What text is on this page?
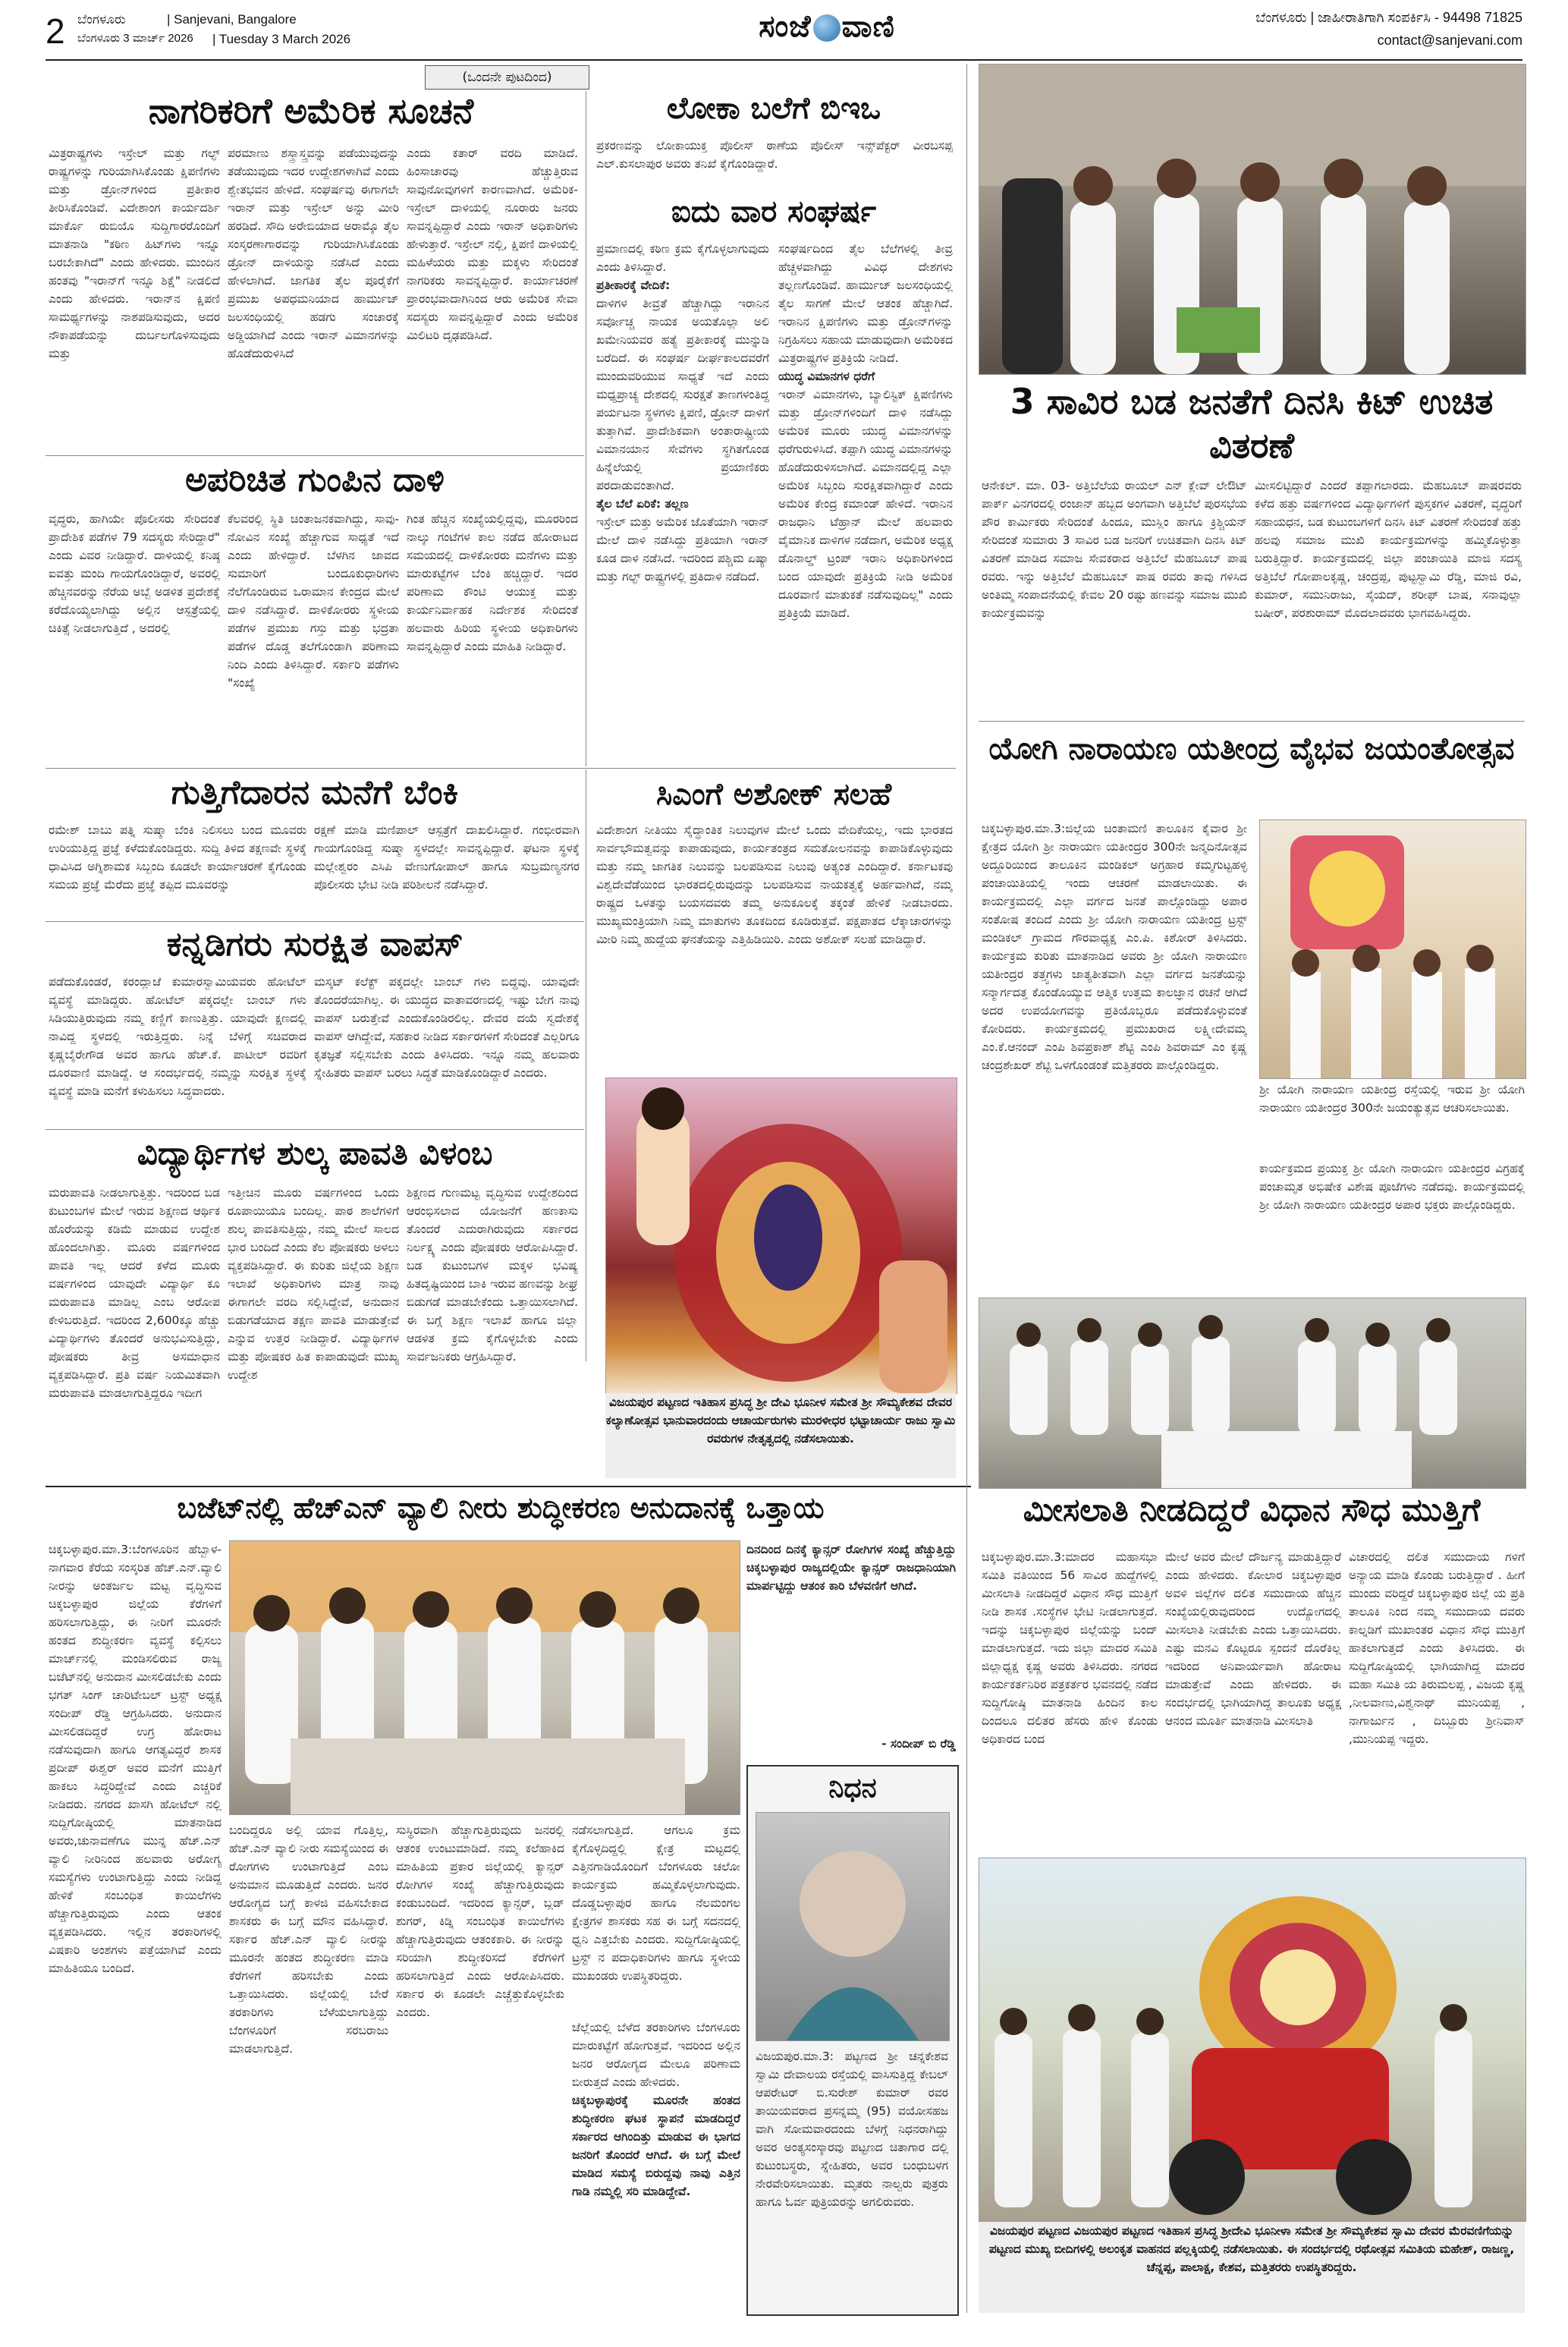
2 ಬೆಂಗಳೂರು	| Sanjevani, Bangalore
ಬೆಂಗಳೂರು 3 ಮಾರ್ಚ್ 2026 | Tuesday 3 March 2026	ಸಂಜೆ ವಾಣಿ	ಬೆಂಗಳೂರು | ಜಾಹೀರಾತಿಗಾಗಿ ಸಂಪರ್ಕಿಸಿ - 94498 71825
contact@sanjevani.com
(ಒಂದನೇ ಪುಟದಿಂದ)
ನಾಗರಿಕರಿಗೆ ಅಮೆರಿಕ ಸೂಚನೆ
ಮಿತ್ರರಾಷ್ಟ್ರಗಳು ಇಸ್ರೇಲ್ ಮತ್ತು ಗಲ್ಫ್ ರಾಷ್ಟ್ರಗಳನ್ನು ಗುರಿಯಾಗಿಸಿಕೊಂಡು ಕ್ಷಿಪಣಿಗಳು ಮತ್ತು ಡ್ರೋನ್‌ಗಳಿಂದ ಪ್ರತೀಕಾರ ತೀರಿಸಿಕೊಂಡಿವೆ. ವಿದೇಶಾಂಗ ಕಾರ್ಯದರ್ಶಿ ಮಾರ್ಕೊ ರುಬಿಯೊ ಸುದ್ದಿಗಾರರೊಂದಿಗೆ ಮಾತನಾಡಿ "ಕಠಿಣ ಹಿಟ್‌ಗಳು ಇನ್ನೂ ಬರಬೇಕಾಗಿದೆ" ಎಂದು ಹೇಳಿದರು. ಮುಂದಿನ ಹಂತವು "ಇರಾನ್‌ಗೆ ಇನ್ನೂ ಶಿಕ್ಷೆ" ನೀಡಲಿದೆ ಎಂದು ಹೇಳಿದರು. ಇರಾನ್‌ನ ಕ್ಷಿಪಣಿ ಸಾಮರ್ಥ್ಯಗಳನ್ನು ನಾಶಪಡಿಸುವುದು, ಅದರ ನೌಕಾಪಡೆಯನ್ನು ದುರ್ಬಲಗೊಳಿಸುವುದು ಮತ್ತು
ಪರಮಾಣು ಶಸ್ತ್ರಾಸ್ತ್ರವನ್ನು ಪಡೆಯುವುದನ್ನು ತಡೆಯುವುದು ಇದರ ಉದ್ದೇಶಗಳಾಗಿವೆ ಎಂದು ಶ್ವೇತಭವನ ಹೇಳಿದೆ. ಸಂಘರ್ಷವು ಈಗಾಗಲೇ ಇರಾನ್ ಮತ್ತು ಇಸ್ರೇಲ್ ಅನ್ನು ಮೀರಿ ಹರಡಿದೆ. ಸೌದಿ ಅರೇಬಿಯಾದ ಅರಾಮ್ಕೊ ತೈಲ ಸಂಸ್ಕರಣಾಗಾರವನ್ನು ಗುರಿಯಾಗಿಸಿಕೊಂಡು ಡ್ರೋನ್ ದಾಳಿಯನ್ನು ನಡೆಸಿದೆ ಎಂದು ಹೇಳಲಾಗಿದೆ. ಜಾಗತಿಕ ತೈಲ ಪೂರೈಕೆಗೆ ಪ್ರಮುಖ ಅಪಧಮನಿಯಾದ ಹಾರ್ಮುಜ್ ಜಲಸಂಧಿಯಲ್ಲಿ ಹಡಗು ಸಂಚಾರಕ್ಕೆ ಅಡ್ಡಿಯಾಗಿದೆ ಎಂದು ಇರಾನ್ ವಿಮಾನಗಳನ್ನು ಹೊಡೆದುರುಳಿಸಿದೆ
ಎಂದು ಕತಾರ್ ವರದಿ ಮಾಡಿದೆ. ಹಿಂಸಾಚಾರವು ಹೆಚ್ಚುತ್ತಿರುವ ಸಾವುನೋವುಗಳಿಗೆ ಕಾರಣವಾಗಿದೆ. ಅಮೆರಿಕ-ಇಸ್ರೇಲ್ ದಾಳಿಯಲ್ಲಿ ನೂರಾರು ಜನರು ಸಾವನ್ನಪ್ಪಿದ್ದಾರೆ ಎಂದು ಇರಾನ್ ಅಧಿಕಾರಿಗಳು ಹೇಳುತ್ತಾರೆ. ಇಸ್ರೇಲ್ ನಲ್ಲಿ, ಕ್ಷಿಪಣಿ ದಾಳಿಯಲ್ಲಿ ಮಹಿಳೆಯರು ಮತ್ತು ಮಕ್ಕಳು ಸೇರಿದಂತೆ ನಾಗರಿಕರು ಸಾವನ್ನಪ್ಪಿದ್ದಾರೆ. ಕಾರ್ಯಾಚರಣೆ ಪ್ರಾರಂಭವಾದಾಗಿನಿಂದ ಆರು ಅಮೆರಿಕ ಸೇವಾ ಸದಸ್ಯರು ಸಾವನ್ನಪ್ಪಿದ್ದಾರೆ ಎಂದು ಅಮೆರಿಕ ಮಿಲಿಟರಿ ದೃಢಪಡಿಸಿದೆ.
ಅಪರಿಚಿತ ಗುಂಪಿನ ದಾಳಿ
ವೃದ್ಧರು, ಹಾಗಿಯೇ ಪೊಲೀಸರು ಸೇರಿದಂತೆ ಪ್ರಾದೇಶಿಕ ಪಡೆಗಳ 79 ಸದಸ್ಯರು ಸೇರಿದ್ದಾರೆ" ಎಂದು ವಿವರ ನೀಡಿದ್ದಾರೆ. ದಾಳಿಯಲ್ಲಿ ಕನಿಷ್ಠ ಐವತ್ತು ಮಂದಿ ಗಾಯಗೊಂಡಿದ್ದಾರೆ, ಅವರಲ್ಲಿ ಹೆಚ್ಚಿನವರನ್ನು ನೆರೆಯ ಅಬ್ಬೆ ಅಡಳಿತ ಪ್ರದೇಶಕ್ಕೆ ಕರೆದೊಯ್ಯಲಾಗಿದ್ದು ಅಲ್ಲಿನ ಆಸ್ಪತ್ರೆಯಲ್ಲಿ ಚಿಕಿತ್ಸೆ ನೀಡಲಾಗುತ್ತಿದೆ , ಅದರಲ್ಲಿ
ಕೆಲವರಲ್ಲಿ ಸ್ಥಿತಿ ಚಿಂತಾಜನಕವಾಗಿದ್ದು, ಸಾವು-ನೋವಿನ ಸಂಖ್ಯೆ ಹೆಚ್ಚಾಗುವ ಸಾಧ್ಯತೆ ಇದೆ ಎಂದು ಹೇಳಿದ್ದಾರೆ. ಬೆಳಗಿನ ಜಾವದ ಸುಮಾರಿಗೆ ಬಂದೂಕುಧಾರಿಗಳು ನೆಲೆಗೊಂಡಿರುವ ಒರಾಮಾನ ಕೇಂದ್ರದ ಮೇಲೆ ದಾಳಿ ನಡೆಸಿದ್ದಾರೆ. ದಾಳಿಕೋರರು ಸ್ಥಳೀಯ ಪಡೆಗಳ ಪ್ರಮುಖ ಗಸ್ತು ಮತ್ತು ಭದ್ರತಾ ಪಡೆಗಳ ದೊಡ್ಡ ತಲೆಗೊಂಡಾಗಿ ಪರಿಣಾಮ ನಿಂದಿ ಎಂದು ತಿಳಿಸಿದ್ದಾರೆ. ಸರ್ಕಾರಿ ಪಡೆಗಳು "ಸಂಖ್ಯೆ
ಗಿಂತ ಹೆಚ್ಚಿನ ಸಂಖ್ಯೆಯಲ್ಲಿದ್ದವು, ಮೂರರಿಂದ ನಾಲ್ಕು ಗಂಟೆಗಳ ಕಾಲ ನಡೆದ ಹೋರಾಟದ ಸಮಯದಲ್ಲಿ ದಾಳಿಕೋರರು ಮನೆಗಳು ಮತ್ತು ಮಾರುಕಟ್ಟೆಗಳ ಬೆಂಕಿ ಹಚ್ಚಿದ್ದಾರೆ. ಇದರ ಪರಿಣಾಮ ಕೌಂಟಿ ಆಯುಕ್ತ ಮತ್ತು ಕಾರ್ಯನಿರ್ವಾಹಕ ನಿರ್ದೇಶಕ ಸೇರಿದಂತೆ ಹಲವಾರು ಹಿರಿಯ ಸ್ಥಳೀಯ ಅಧಿಕಾರಿಗಳು ಸಾವನ್ನಪ್ಪಿದ್ದಾರೆ ಎಂದು ಮಾಹಿತಿ ನೀಡಿದ್ದಾರೆ.
ಲೋಕಾ ಬಲೆಗೆ ಬಿಇಒ
ಪ್ರಕರಣವನ್ನು ಲೋಕಾಯುಕ್ತ ಪೊಲೀಸ್ ಠಾಣೆಯ ಪೊಲೀಸ್ ಇನ್ಸ್‌ಪೆಕ್ಟರ್ ವೀರಬಸಪ್ಪ ಎಲ್.ಕುಸಲಾಪುರ ಅವರು ತನಿಖೆ ಕೈಗೊಂಡಿದ್ದಾರೆ.
ಐದು ವಾರ ಸಂಘರ್ಷ
ಪ್ರಮಾಣದಲ್ಲಿ ಕಠಿಣ ಕ್ರಮ ಕೈಗೊಳ್ಳಲಾಗುವುದು ಎಂದು ತಿಳಿಸಿದ್ದಾರೆ.
ಪ್ರತೀಕಾರಕ್ಕೆ ವೇದಿಕೆ:
ದಾಳಿಗಳ ತೀವ್ರತೆ ಹೆಚ್ಚಾಗಿದ್ದು ಇರಾನಿನ ಸರ್ವೋಚ್ಚ ನಾಯಕ ಅಯತೊಲ್ಲಾ ಅಲಿ ಖಮೇನಿಯವರ ಹತ್ಯೆ ಪ್ರತೀಕಾರಕ್ಕೆ ಮುನ್ನುಡಿ ಬರೆದಿದೆ. ಈ ಸಂಘರ್ಷ ದೀರ್ಘಕಾಲದವರೆಗೆ ಮುಂದುವರಿಯುವ ಸಾಧ್ಯತೆ ಇದೆ ಎಂದು ಮಧ್ಯಪ್ರಾಚ್ಯ ದೇಶದಲ್ಲಿ ಸುರಕ್ಷತೆ ತಾಣಗಳಂತಿದ್ದ ಪರ್ಯಟನಾ ಸ್ಥಳಗಳು ಕ್ಷಿಪಣಿ, ಡ್ರೋನ್ ದಾಳಿಗೆ ತುತ್ತಾಗಿವೆ. ಪ್ರಾದೇಶಿಕವಾಗಿ ಅಂತಾರಾಷ್ಟ್ರೀಯ ವಿಮಾನಯಾನ ಸೇವೆಗಳು ಸ್ಥಗಿತಗೊಂಡ ಹಿನ್ನೆಲೆಯಲ್ಲಿ ಪ್ರಯಾಣಿಕರು ಪರದಾಡುವಂತಾಗಿದೆ.
ತೈಲ ಬೆಲೆ ಏರಿಕೆ: ತಲ್ಲಣ
ಇಸ್ರೇಲ್ ಮತ್ತು ಅಮೆರಿಕ ಜೊತೆಯಾಗಿ ಇರಾನ್ ಮೇಲೆ ದಾಳಿ ನಡೆಸಿದ್ದು ಪ್ರತಿಯಾಗಿ ಇರಾನ್ ಕೂಡ ದಾಳಿ ನಡೆಸಿದೆ. ಇದರಿಂದ ಪಶ್ಚಿಮ ಏಷ್ಯಾ ಮತ್ತು ಗಲ್ಫ್ ರಾಷ್ಟ್ರಗಳಲ್ಲಿ ಪ್ರತಿದಾಳಿ ನಡೆದಿದೆ.
ಸಂಘರ್ಷದಿಂದ ತೈಲ ಬೆಲೆಗಳಲ್ಲಿ ತೀವ್ರ ಹೆಚ್ಚಳವಾಗಿದ್ದು ವಿವಿಧ ದೇಶಗಳು ತಲ್ಲಣಗೊಂಡಿವೆ. ಹಾರ್ಮುಜ್ ಜಲಸಂಧಿಯಲ್ಲಿ ತೈಲ ಸಾಗಣೆ ಮೇಲೆ ಆತಂಕ ಹೆಚ್ಚಾಗಿದೆ. ಇರಾನಿನ ಕ್ಷಿಪಣಿಗಳು ಮತ್ತು ಡ್ರೋನ್‌ಗಳನ್ನು ನಿಗ್ರಹಿಸಲು ಸಹಾಯ ಮಾಡುವುದಾಗಿ ಅಮೆರಿಕದ ಮಿತ್ರರಾಷ್ಟ್ರಗಳ ಪ್ರತಿಕ್ರಿಯೆ ನೀಡಿದೆ.
ಯುದ್ಧ ವಿಮಾನಗಳ ಧರೆಗೆ
ಇರಾನ್ ವಿಮಾನಗಳು, ಬ್ಯಾಲಿಸ್ಟಿಕ್ ಕ್ಷಿಪಣಿಗಳು ಮತ್ತು ಡ್ರೋನ್‌ಗಳಿಂದಿಗೆ ದಾಳಿ ನಡೆಸಿದ್ದು ಅಮೆರಿಕ ಮೂರು ಯುದ್ಧ ವಿಮಾನಗಳನ್ನು ಧರೆಗುರುಳಿಸಿದೆ. ತಪ್ಪಾಗಿ ಯುದ್ಧ ವಿಮಾನಗಳನ್ನು ಹೊಡೆದುರುಳಿಸಲಾಗಿದೆ. ವಿಮಾನದಲ್ಲಿದ್ದ ಎಲ್ಲಾ ಅಮೆರಿಕ ಸಿಬ್ಬಂದಿ ಸುರಕ್ಷಿತವಾಗಿದ್ದಾರೆ ಎಂದು ಅಮೆರಿಕ ಕೇಂದ್ರ ಕಮಾಂಡ್ ಹೇಳಿದೆ. ಇರಾನಿನ ರಾಜಧಾನಿ ಟೆಹ್ರಾನ್ ಮೇಲೆ ಹಲವಾರು ವೈಮಾನಿಕ ದಾಳಿಗಳ ನಡೆದಾಗ, ಅಮೆರಿಕ ಅಧ್ಯಕ್ಷ ಡೊನಾಲ್ಡ್ ಟ್ರಂಪ್ ಇರಾನಿ ಅಧಿಕಾರಿಗಳಿಂದ ಬಂದ ಯಾವುದೇ ಪ್ರತಿಕ್ರಿಯೆ ನೀಡಿ ಅಮೆರಿಕ ದೂರವಾಣಿ ಮಾತುಕತೆ ನಡೆಸುವುದಿಲ್ಲ" ಎಂದು ಪ್ರತಿಕ್ರಿಯೆ ಮಾಡಿದೆ.
ಗುತ್ತಿಗೆದಾರನ ಮನೆಗೆ ಬೆಂಕಿ
ರಮೇಶ್ ಬಾಬು ಪತ್ನಿ ಸುಷ್ಮಾ ಬೆಂಕಿ ನಿಲಿಸಲು ಬಂದ ಮೂವರು ಉರಿಯುತ್ತಿದ್ದ ಪ್ರಜ್ಞೆ ಕಳೆದುಕೊಂಡಿದ್ದರು. ಸುದ್ದಿ ತಿಳಿದ ತಕ್ಷಣವೇ ಸ್ಥಳಕ್ಕೆ ಧಾವಿಸಿದ ಅಗ್ನಿಶಾಮಕ ಸಿಬ್ಬಂದಿ ಕೂಡಲೇ ಕಾರ್ಯಾಚರಣೆ ಕೈಗೊಂಡು ಸಮಯ ಪ್ರಜ್ಞೆ ಮೆರೆದು ಪ್ರಜ್ಞೆ ತಪ್ಪಿದ ಮೂವರನ್ನು
ರಕ್ಷಣೆ ಮಾಡಿ ಮಣಿಪಾಲ್ ಆಸ್ಪತ್ರೆಗೆ ದಾಖಲಿಸಿದ್ದಾರೆ. ಗಂಭೀರವಾಗಿ ಗಾಯಗೊಂಡಿದ್ದ ಸುಷ್ಮಾ ಸ್ಥಳದಲ್ಲೇ ಸಾವನ್ನಪ್ಪಿದ್ದಾರೆ. ಘಟನಾ ಸ್ಥಳಕ್ಕೆ ಮಲ್ಲೇಶ್ವರಂ ಎಸಿಪಿ ವೇಣುಗೋಪಾಲ್ ಹಾಗೂ ಸುಬ್ರಮಣ್ಯನಗರ ಪೊಲೀಸರು ಭೇಟಿ ನೀಡಿ ಪರಿಶೀಲನೆ ನಡೆಸಿದ್ದಾರೆ.
ಕನ್ನಡಿಗರು ಸುರಕ್ಷಿತ ವಾಪಸ್
ಪಡೆದುಕೊಂಡರೆ, ಕರಂದ್ಲಾಜೆ ಕುಮಾರಸ್ವಾಮಿಯವರು ಹೋಟೆಲ್ ವ್ಯವಸ್ಥೆ ಮಾಡಿದ್ದರು. ಹೋಟೆಲ್ ಪಕ್ಕದಲ್ಲೇ ಬಾಂಬ್ ಗಳು ಸಿಡಿಯುತ್ತಿರುವುದು ನಮ್ಮ ಕಣ್ಣಿಗೆ ಕಾಣುತ್ತಿತ್ತು. ಯಾವುದೇ ಕ್ಷಣದಲ್ಲಿ ನಾವಿದ್ದ ಸ್ಥಳದಲ್ಲಿ ಇರುತ್ತಿದ್ದರು. ನಿನ್ನೆ ಬೆಳಿಗ್ಗೆ ಸಚಿವರಾದ ಕೃಷ್ಣಬೈರೇಗೌಡ ಅವರ ಹಾಗೂ ಹೆಚ್.ಕೆ. ಪಾಟೀಲ್ ರವರಿಗೆ ದೂರವಾಣಿ ಮಾಡಿದ್ದೆ. ಆ ಸಂದರ್ಭದಲ್ಲಿ ನಮ್ಮನ್ನು ಸುರಕ್ಷಿತ ಸ್ಥಳಕ್ಕೆ ವ್ಯವಸ್ಥೆ ಮಾಡಿ ಮನೆಗೆ ಕಳುಹಿಸಲು ಸಿದ್ಧವಾದರು.
ಮಸ್ಕಟ್ ಕಲೆಕ್ಟ್ ಪಕ್ಕದಲ್ಲೇ ಬಾಂಬ್ ಗಳು ಬಿದ್ದವು. ಯಾವುದೇ ತೊಂದರೆಯಾಗಿಲ್ಲ. ಈ ಯುದ್ಧದ ವಾತಾವರಣದಲ್ಲಿ ಇಷ್ಟು ಬೇಗ ನಾವು ವಾಪಸ್ ಬರುತ್ತೇವೆ ಎಂದುಕೊಂಡಿರಲಿಲ್ಲ. ದೇವರ ದಯೆ ಸ್ವದೇಶಕ್ಕೆ ವಾಪಸ್ ಆಗಿದ್ದೇವೆ, ಸಹಕಾರ ನೀಡಿದ ಸರ್ಕಾರಗಳಿಗೆ ಸೇರಿದಂತೆ ಎಲ್ಲರಿಗೂ ಕೃತಜ್ಞತೆ ಸಲ್ಲಿಸಬೇಕು ಎಂದು ತಿಳಿಸಿದರು. ಇನ್ನೂ ನಮ್ಮ ಹಲವಾರು ಸ್ನೇಹಿತರು ವಾಪಸ್ ಬರಲು ಸಿದ್ಧತೆ ಮಾಡಿಕೊಂಡಿದ್ದಾರೆ ಎಂದರು.
ಸಿಎಂಗೆ ಅಶೋಕ್ ಸಲಹೆ
ವಿದೇಶಾಂಗ ನೀತಿಯು ಸೈದ್ಧಾಂತಿಕ ನಿಲುವುಗಳ ಮೇಲೆ ಒಂದು ವೇದಿಕೆಯಲ್ಲ, ಇದು ಭಾರತದ ಸಾರ್ವಭೌಮತ್ವವನ್ನು ಕಾಪಾಡುವುದು, ಕಾರ್ಯತಂತ್ರದ ಸಮತೋಲನವನ್ನು ಕಾಪಾಡಿಕೊಳ್ಳುವುದು ಮತ್ತು ನಮ್ಮ ಜಾಗತಿಕ ನಿಲುವನ್ನು ಬಲಪಡಿಸುವ ನಿಲುವು ಅತ್ಯಂತ ಎಂದಿದ್ದಾರೆ. ಕರ್ನಾಟಕವು ವಿಶ್ವದೇವೆಡೆಯಿಂದ ಭಾರತದಲ್ಲಿರುವುದನ್ನು ಬಲಪಡಿಸುವ ನಾಯಕತ್ವಕ್ಕೆ ಅರ್ಹವಾಗಿದೆ, ನಮ್ಮ ರಾಷ್ಟ್ರದ ಒಳತನ್ನು ಬಯಸದವರು ತಮ್ಮ ಅನುಕೂಲಕ್ಕೆ ತಕ್ಕಂತೆ ಹೇಳಿಕೆ ನೀಡಬಾರದು. ಮುಖ್ಯಮಂತ್ರಿಯಾಗಿ ನಿಮ್ಮ ಮಾತುಗಳು ತೂಕದಿಂದ ಕೂಡಿರುತ್ತವೆ. ಪಕ್ಷಪಾತದ ಲೆಕ್ಕಾಚಾರಗಳನ್ನು ಮೀರಿ ನಿಮ್ಮ ಹುದ್ದೆಯ ಘನತೆಯನ್ನು ಎತ್ತಿಹಿಡಿಯಿರಿ. ಎಂದು ಅಶೋಕ್ ಸಲಹೆ ಮಾಡಿದ್ದಾರೆ.
ವಿಜಯಪುರ ಪಟ್ಟಣದ ಇತಿಹಾಸ ಪ್ರಸಿದ್ಧ ಶ್ರೀ ದೇವಿ ಭೂನೀಳ ಸಮೇತ ಶ್ರೀ ಸೌಮ್ಯಕೇಶವ ದೇವರ ಕಲ್ಯಾಣೋತ್ಸವ ಭಾನುವಾರದಂದು ಆಚಾರ್ಯರುಗಳು ಮುರಳೀಧರ ಭಟ್ಟಾಚಾರ್ಯ ರಾಜು ಸ್ವಾಮಿ ರವರುಗಳ ನೇತೃತ್ವದಲ್ಲಿ ನಡೆಸಲಾಯಿತು.
ವಿದ್ಯಾರ್ಥಿಗಳ ಶುಲ್ಕ ಪಾವತಿ ವಿಳಂಬ
ಮರುಪಾವತಿ ನೀಡಲಾಗುತ್ತಿತ್ತು. ಇದರಿಂದ ಬಡ ಕುಟುಂಬಗಳ ಮೇಲೆ ಇರುವ ಶಿಕ್ಷಣದ ಆರ್ಥಿಕ ಹೊರೆಯನ್ನು ಕಡಿಮೆ ಮಾಡುವ ಉದ್ದೇಶ ಹೊಂದಲಾಗಿತ್ತು. ಮೂರು ವರ್ಷಗಳಿಂದ ಪಾವತಿ ಇಲ್ಲ ಆದರೆ ಕಳೆದ ಮೂರು ವರ್ಷಗಳಿಂದ ಯಾವುದೇ ವಿದ್ಯಾರ್ಥಿ ಕೂ ಮರುಪಾವತಿ ಮಾಡಿಲ್ಲ ಎಂಬ ಆರೋಪ ಕೇಳಿಬರುತ್ತಿದೆ. ಇದರಿಂದ 2,600ಕ್ಕೂ ಹೆಚ್ಚು ವಿದ್ಯಾರ್ಥಿಗಳು ತೊಂದರೆ ಅನುಭವಿಸುತ್ತಿದ್ದು, ಪೋಷಕರು ತೀವ್ರ ಅಸಮಾಧಾನ ವ್ಯಕ್ತಪಡಿಸಿದ್ದಾರೆ. ಪ್ರತಿ ವರ್ಷ ನಿಯಮಿತವಾಗಿ ಮರುಪಾವತಿ ಮಾಡಲಾಗುತ್ತಿದ್ದರೂ ಇದೀಗ
ಇತ್ತೀಚಿನ ಮೂರು ವರ್ಷಗಳಿಂದ ಒಂದು ರೂಪಾಯಿಯೂ ಬಂದಿಲ್ಲ. ಪಾಠ ಶಾಲೆಗಳಿಗೆ ಶುಲ್ಕ ಪಾವತಿಸುತ್ತಿದ್ದು, ನಮ್ಮ ಮೇಲೆ ಸಾಲದ ಭಾರ ಬಂದಿದೆ ಎಂದು ಕೆಲ ಪೋಷಕರು ಅಳಲು ವ್ಯಕ್ತಪಡಿಸಿದ್ದಾರೆ. ಈ ಕುರಿತು ಜಿಲ್ಲೆಯ ಶಿಕ್ಷಣ ಇಲಾಖೆ ಅಧಿಕಾರಿಗಳು ಮಾತ್ರ ನಾವು ಈಗಾಗಲೇ ವರದಿ ಸಲ್ಲಿಸಿದ್ದೇವೆ, ಅನುದಾನ ಬಿಡುಗಡೆಯಾದ ತಕ್ಷಣ ಪಾವತಿ ಮಾಡುತ್ತೇವೆ ಎನ್ನುವ ಉತ್ತರ ನೀಡಿದ್ದಾರೆ. ವಿದ್ಯಾರ್ಥಿಗಳ ಮತ್ತು ಪೋಷಕರ ಹಿತ ಕಾಪಾಡುವುದೇ ಮುಖ್ಯ ಉದ್ದೇಶ
ಶಿಕ್ಷಣದ ಗುಣಮಟ್ಟ ವೃದ್ಧಿಸುವ ಉದ್ದೇಶದಿಂದ ಆರಂಭಿಸಲಾದ ಯೋಜನೆಗೆ ಹಣಕಾಸು ತೊಂದರೆ ಎದುರಾಗಿರುವುದು ಸರ್ಕಾರದ ನಿರ್ಲಕ್ಷ್ಯ ಎಂದು ಪೋಷಕರು ಆರೋಪಿಸಿದ್ದಾರೆ. ಬಡ ಕುಟುಂಬಗಳ ಮಕ್ಕಳ ಭವಿಷ್ಯ ಹಿತದೃಷ್ಟಿಯಿಂದ ಬಾಕಿ ಇರುವ ಹಣವನ್ನು ಶೀಘ್ರ ಬಿಡುಗಡೆ ಮಾಡಬೇಕೆಂದು ಒತ್ತಾಯಿಸಲಾಗಿದೆ. ಈ ಬಗ್ಗೆ ಶಿಕ್ಷಣ ಇಲಾಖೆ ಹಾಗೂ ಜಿಲ್ಲಾ ಆಡಳಿತ ಕ್ರಮ ಕೈಗೊಳ್ಳಬೇಕು ಎಂದು ಸಾರ್ವಜನಿಕರು ಆಗ್ರಹಿಸಿದ್ದಾರೆ.
3 ಸಾವಿರ ಬಡ ಜನತೆಗೆ ದಿನಸಿ ಕಿಟ್ ಉಚಿತ ವಿತರಣೆ
ಆನೇಕಲ್. ಮಾ. 03- ಅತ್ತಿಬೆಲೆಯ ರಾಯಲ್ ಎನ್ ಕ್ಲೇವ್ ಲೇಔಟ್ ಪಾರ್ಕ್ ವಿನಗರದಲ್ಲಿ ರಂಜಾನ್ ಹಬ್ಬದ ಅಂಗವಾಗಿ ಅತ್ತಿಬೆಲೆ ಪುರಸಭೆಯ ಪೌರ ಕಾರ್ಮಿಕರು ಸೇರಿದಂತೆ ಹಿಂದೂ, ಮುಸ್ಲಿಂ ಹಾಗೂ ಕ್ರಿಶ್ಚಿಯನ್ ಸೇರಿದಂತೆ ಸುಮಾರು 3 ಸಾವಿರ ಬಡ ಜನರಿಗೆ ಉಚಿತವಾಗಿ ದಿನಸಿ ಕಿಟ್ ವಿತರಣೆ ಮಾಡಿದ ಸಮಾಜ ಸೇವಕರಾದ ಅತ್ತಿಬೆಲೆ ಮೆಹಬೂಬ್ ಪಾಷ ರವರು. ಇನ್ನು ಅತ್ತಿಬೆಲೆ ಮೆಹಬೂಬ್ ಪಾಷ ರವರು ತಾವು ಗಳಿಸಿದ ಅಂತಿಮ್ಮ ಸಂಪಾದನೆಯಲ್ಲಿ ಕೇವಲ 20 ರಷ್ಟು ಹಣವನ್ನು ಸಮಾಜ ಮುಖಿ ಕಾರ್ಯಕ್ರಮವನ್ನು
ಮೀಸಲಿಟ್ಟಿದ್ದಾರೆ ಎಂದರೆ ತಪ್ಪಾಗಲಾರದು. ಮೆಹಬೂಬ್ ಪಾಷರವರು ಕಳೆದ ಹತ್ತು ವರ್ಷಗಳಿಂದ ವಿದ್ಯಾರ್ಥಿಗಳಿಗೆ ಪುಸ್ತಕಗಳ ವಿತರಣೆ, ವೃದ್ಧರಿಗೆ ಸಹಾಯಧನ, ಬಡ ಕುಟುಂಬಗಳಿಗೆ ದಿನಸಿ ಕಿಟ್ ವಿತರಣೆ ಸೇರಿದಂತೆ ಹತ್ತು ಹಲವು ಸಮಾಜ ಮುಖಿ ಕಾರ್ಯಕ್ರಮಗಳನ್ನು ಹಮ್ಮಿಕೊಳ್ಳುತ್ತಾ ಬರುತ್ತಿದ್ದಾರೆ. ಕಾರ್ಯಕ್ರಮದಲ್ಲಿ ಜಿಲ್ಲಾ ಪಂಚಾಯಿತಿ ಮಾಜಿ ಸದಸ್ಯ ಅತ್ತಿಬೆಲೆ ಗೋಪಾಲಕೃಷ್ಣ, ಚಂದ್ರಪ್ಪ, ಪುಟ್ಟಸ್ವಾಮಿ ರೆಡ್ಡಿ, ಮಾಜಿ ರವಿ, ಕುಮಾರ್, ಸಮುನಿರಾಜು, ಸೈಯದ್, ಶರೀಫ್ ಬಾಷ, ಸನಾವುಲ್ಲಾ ಬಷೀರ್, ಪರಶುರಾಮ್ ಮೊದಲಾದವರು ಭಾಗವಹಿಸಿದ್ದರು.
ಯೋಗಿ ನಾರಾಯಣ ಯತೀಂದ್ರ ವೈಭವ ಜಯಂತೋತ್ಸವ
ಚಿಕ್ಕಬಳ್ಳಾಪುರ.ಮಾ.3:ಜಿಲ್ಲೆಯ ಚಿಂತಾಮಣಿ ತಾಲೂಕಿನ ಕೈವಾರ ಶ್ರೀ ಕ್ಷೇತ್ರದ ಯೋಗಿ ಶ್ರೀ ನಾರಾಯಣ ಯತೀಂದ್ರರ 300ನೇ ಜನ್ಮದಿನೋತ್ಸವ ಅದ್ದೂರಿಯಿಂದ ತಾಲೂಕಿನ ಮಂಡಿಕಲ್ ಅಗ್ರಹಾರ ಕಮ್ಮಗುಟ್ಟಹಳ್ಳಿ ಪಂಚಾಯಿತಿಯಲ್ಲಿ ಇಂದು ಆಚರಣೆ ಮಾಡಲಾಯಿತು. ಈ ಕಾರ್ಯಕ್ರಮದಲ್ಲಿ ಎಲ್ಲಾ ವರ್ಗದ ಜನತೆ ಪಾಲ್ಗೊಂಡಿದ್ದು ಅಪಾರ ಸಂತೋಷ ತಂದಿದೆ ಎಂದು ಶ್ರೀ ಯೋಗಿ ನಾರಾಯಣ ಯತೀಂದ್ರ ಟ್ರಸ್ಟ್ ಮಂಡಿಕಲ್ ಗ್ರಾಮದ ಗೌರವಾಧ್ಯಕ್ಷ ಎಂ.ಪಿ. ಕಿಶೋರ್ ತಿಳಿಸಿದರು. ಕಾರ್ಯಕ್ರಮ ಕುರಿತು ಮಾತನಾಡಿದ ಅವರು ಶ್ರೀ ಯೋಗಿ ನಾರಾಯಣ ಯತೀಂದ್ರರ ತತ್ತ್ವಗಳು ಜಾತ್ಯತೀತವಾಗಿ ಎಲ್ಲಾ ವರ್ಗದ ಜನತೆಯನ್ನು ಸನ್ಮಾರ್ಗದತ್ತ ಕೊಂಡೊಯ್ಯುವ ಆತ್ಮಿಕ ಉತ್ತಮ ಕಾಲಜ್ಞಾನ ರಚನೆ ಆಗಿದೆ ಅದರ ಉಪಯೋಗವನ್ನು ಪ್ರತಿಯೊಬ್ಬರೂ ಪಡೆದುಕೊಳ್ಳುವಂತೆ ಕೋರಿದರು. ಕಾರ್ಯಕ್ರಮದಲ್ಲಿ ಪ್ರಮುಖರಾದ ಲಕ್ಷ್ಮೀದೇವಮ್ಮ ಎಂ.ಕೆ.ಆನಂದ್ ಎಂಪಿ ಶಿವಪ್ರಕಾಶ್ ಶೆಟ್ಟಿ ಎಂಪಿ ಶಿವರಾಮ್ ಎಂ ಕೃಷ್ಣ ಚಂದ್ರಶೇಖರ್ ಶೆಟ್ಟಿ ಒಳಗೊಂಡಂತೆ ಮತ್ತಿತರರು ಪಾಲ್ಗೊಂಡಿದ್ದರು.
ಶ್ರೀ ಯೋಗಿ ನಾರಾಯಣ ಯತೀಂದ್ರ ರಸ್ತೆಯಲ್ಲಿ ಇರುವ ಶ್ರೀ ಯೋಗಿ ನಾರಾಯಣ ಯತೀಂದ್ರರ 300ನೇ ಜಯಂತ್ಯುತ್ಸವ ಆಚರಿಸಲಾಯಿತು.
ಕಾರ್ಯಕ್ರಮದ ಪ್ರಯುಕ್ತ ಶ್ರೀ ಯೋಗಿ ನಾರಾಯಣ ಯತೀಂದ್ರರ ವಿಗ್ರಹಕ್ಕೆ ಪಂಚಾಮೃತ ಅಭಿಷೇಕ ವಿಶೇಷ ಪೂಜೆಗಳು ನಡೆದವು. ಕಾರ್ಯಕ್ರಮದಲ್ಲಿ ಶ್ರೀ ಯೋಗಿ ನಾರಾಯಣ ಯತೀಂದ್ರರ ಅಪಾರ ಭಕ್ತರು ಪಾಲ್ಗೊಂಡಿದ್ದರು.
ಮೀಸಲಾತಿ ನೀಡದಿದ್ದರೆ ವಿಧಾನ ಸೌಧ ಮುತ್ತಿಗೆ
ಚಿಕ್ಕಬಳ್ಳಾಪುರ.ಮಾ.3:ಮಾದರ ಮಹಾಸಭಾ ಸಮಿತಿ ವತಿಯಿಂದ 56 ಸಾವಿರ ಹುದ್ದೆಗಳಲ್ಲಿ ಮೀಸಲಾತಿ ನೀಡದಿದ್ದರೆ ವಿಧಾನ ಸೌಧ ಮುತ್ತಿಗೆ ನೀಡಿ ಶಾಸಕ .ಸಂಸ್ಥೆಗಳ ಭೇಟಿ ನೀಡಲಾಗುತ್ತದೆ. ಇದನ್ನು ಚಿಕ್ಕಬಳ್ಳಾಪುರ ಜಿಲ್ಲೆಯನ್ನು ಬಂದ್ ಮಾಡಲಾಗುತ್ತದೆ. ಇದು ಜಿಲ್ಲಾ ಮಾದರ ಸಮಿತಿ ಜಿಲ್ಲಾಧ್ಯಕ್ಷ ಕೃಷ್ಣ ಅವರು ತಿಳಿಸಿದರು. ನಗರದ ಕಾರ್ಯಕರ್ತನಿರಿರ ಪತ್ರಕರ್ತರ ಭವನದಲ್ಲಿ ನಡೆದ ಸುದ್ದಿಗೋಷ್ಠಿ ಮಾತನಾಡಿ ಹಿಂದಿನ ಕಾಲ ದಿಂದಲೂ ದಲಿತರ ಹೆಸರು ಹೇಳಿ ಕೊಂಡು ಅಧಿಕಾರದ ಬಂದ
ಮೇಲೆ ಅವರ ಮೇಲೆ ದೌರ್ಜನ್ಯ ಮಾಡುತ್ತಿದ್ದಾರೆ ಎಂದು ಹೇಳಿದರು. ಕೋಲಾರ ಚಿಕ್ಕಬಳ್ಳಾಪುರ ಅವಳಿ ಜಿಲ್ಲೆಗಳ ದಲಿತ ಸಮುದಾಯ ಹೆಚ್ಚಿನ ಸಂಖ್ಯೆಯಲ್ಲಿರುವುದರಿಂದ ಉದ್ಯೋಗದಲ್ಲಿ ಮೀಸಲಾತಿ ನೀಡಬೇಕು ಎಂದು ಒತ್ತಾಯಿಸಿದರು. ಎಷ್ಟು ಮನವಿ ಕೊಟ್ಟರೂ ಸ್ಪಂದನೆ ದೊರೆಕಿಲ್ಲ ಇದರಿಂದ ಅನಿವಾರ್ಯವಾಗಿ ಹೋರಾಟ ಮಾಡುತ್ತೇವೆ ಎಂದು ಹೇಳಿದರು. ಈ ಸಂದರ್ಭದಲ್ಲಿ ಭಾಗಿಯಾಗಿದ್ದ ತಾಲೂಕು ಅಧ್ಯಕ್ಷ ಆನಂದ ಮೂರ್ತಿ ಮಾತನಾಡಿ ಮೀಸಲಾತಿ
ವಿಚಾರದಲ್ಲಿ ದಲಿತ ಸಮುದಾಯ ಗಳಿಗೆ ಅನ್ಯಾಯ ಮಾಡಿ ಕೊಂಡು ಬರುತ್ತಿದ್ದಾರೆ . ಹೀಗೆ ಮುಂದು ವರಿದ್ದರೆ ಚಿಕ್ಕಬಳ್ಳಾಪುರ ಜಿಲ್ಲೆ ಯ ಪ್ರತಿ ತಾಲೂಕಿ ನಿಂದ ನಮ್ಮ ಸಮುದಾಯ ದವರು ಕಾಲ್ನಡಿಗೆ ಮುಖಾಂತರ ವಿಧಾನ ಸೌಧ ಮುತ್ತಿಗೆ ಹಾಕಲಾಗುತ್ತದೆ ಎಂದು ತಿಳಿಸಿದರು. ಈ ಸುದ್ದಿಗೋಷ್ಠಿಯಲ್ಲಿ ಭಾಗಿಯಾಗಿದ್ದ ಮಾದರ ಮಹಾ ಸಮಿತಿ ಯ ತಿರುಮಲಪ್ಪ , ವಿಜಯ ಕೃಷ್ಣ ,ನೀಲವಾಣು,ವಿಶ್ವನಾಥ್ ಮುನಿಯಪ್ಪ , ನಾಗಾರ್ಜುನ , ದಿಬ್ಬೂರು ಶ್ರೀನಿವಾಸ್ ,ಮುನಿಯಪ್ಪ ಇದ್ದರು.
ವಿಜಯಪುರ ಪಟ್ಟಣದ ವಿಜಯಪುರ ಪಟ್ಟಣದ ಇತಿಹಾಸ ಪ್ರಸಿದ್ಧ ಶ್ರೀದೇವಿ ಭೂನೀಳಾ ಸಮೇತ ಶ್ರೀ ಸೌಮ್ಯಕೇಶವ ಸ್ವಾಮಿ ದೇವರ ಮೆರವಣಿಗೆಯನ್ನು ಪಟ್ಟಣದ ಮುಖ್ಯ ಬೀದಿಗಳಲ್ಲಿ ಅಲಂಕೃತ ವಾಹನದ ಪಲ್ಲಕ್ಕಿಯಲ್ಲಿ ನಡೆಸಲಾಯಿತು. ಈ ಸಂದರ್ಭದಲ್ಲಿ ರಥೋತ್ಸವ ಸಮಿತಿಯ ಮಹೇಶ್, ರಾಜಣ್ಣ, ಚೆನ್ನಪ್ಪ, ಪಾಲಾಕ್ಷ, ಕೇಶವ, ಮತ್ತಿತರರು ಉಪಸ್ಥಿತರಿದ್ದರು.
ಬಜೆಟ್‌ನಲ್ಲಿ ಹೆಚ್‌ಎನ್ ವ್ಯಾಲಿ ನೀರು ಶುದ್ಧೀಕರಣ ಅನುದಾನಕ್ಕೆ ಒತ್ತಾಯ
ಚಿಕ್ಕಬಳ್ಳಾಪುರ.ಮಾ.3:ಬೆಂಗಳೂರಿನ ಹೆಬ್ಬಾಳ-ನಾಗವಾರ ಕೆರೆಯ ಸಂಸ್ಕರಿತ ಹೆಚ್.ಎನ್.ವ್ಯಾಲಿ ನೀರನ್ನು ಅಂತರ್ಜಲ ಮಟ್ಟ ವೃದ್ಧಿಸುವ ಚಿಕ್ಕಬಳ್ಳಾಪುರ ಜಿಲ್ಲೆಯ ಕೆರೆಗಳಿಗೆ ಹರಿಸಲಾಗುತ್ತಿದ್ದು, ಈ ನೀರಿಗೆ ಮೂರನೇ ಹಂತದ ಶುದ್ಧೀಕರಣ ವ್ಯವಸ್ಥೆ ಕಲ್ಪಿಸಲು ಮಾರ್ಚ್‌ನಲ್ಲಿ ಮಂಡಿಸಲಿರುವ ರಾಜ್ಯ ಬಜೆಟ್‌ನಲ್ಲಿ ಅನುದಾನ ಮೀಸಲಿಡಬೇಕು ಎಂದು ಭಗತ್ ಸಿಂಗ್ ಚಾರಿಟೇಬಲ್ ಟ್ರಸ್ಟ್ ಅಧ್ಯಕ್ಷ ಸಂದೀಪ್ ರೆಡ್ಡಿ ಆಗ್ರಹಿಸಿದರು. ಅನುದಾನ ಮೀಸಲಿಡದಿದ್ದರೆ ಉಗ್ರ ಹೋರಾಟ ನಡೆಸುವುದಾಗಿ ಹಾಗೂ ಆಗತ್ಯವಿದ್ದರೆ ಶಾಸಕ ಪ್ರದೀಪ್ ಈಶ್ವರ್ ಅವರ ಮನೆಗೆ ಮುತ್ತಿಗೆ ಹಾಕಲು ಸಿದ್ಧರಿದ್ದೇವೆ ಎಂದು ಎಚ್ಚರಿಕೆ ನೀಡಿದರು. ನಗರದ ಖಾಸಗಿ ಹೋಟೆಲ್ ನಲ್ಲಿ ಸುದ್ದಿಗೋಷ್ಠಿಯಲ್ಲಿ ಮಾತನಾಡಿದ ಅವರು,ಚುನಾವಣೆಗೂ ಮುನ್ನ ಹೆಚ್.ಎನ್ ವ್ಯಾಲಿ ನೀರಿನಿಂದ ಹಲವಾರು ಅರೋಗ್ಯ ಸಮಸ್ಯೆಗಳು ಉಂಟಾಗುತ್ತಿದ್ದು ಎಂದು ನೀಡಿದ್ದ ಹೇಳಿಕೆ ಸಂಬಂಧಿತ ಕಾಯಿಲೆಗಳು ಹೆಚ್ಚಾಗುತ್ತಿರುವುದು ಎಂದು ಆತಂಕ ವ್ಯಕ್ತಪಡಿಸಿದರು. ಇಲ್ಲಿನ ತರಕಾರಿಗಳಲ್ಲಿ ವಿಷಕಾರಿ ಅಂಶಗಳು ಪತ್ತೆಯಾಗಿವೆ ಎಂದು ಮಾಹಿತಿಯೂ ಬಂದಿದೆ.
ದಿನದಿಂದ ದಿನಕ್ಕೆ ಕ್ಯಾನ್ಸರ್ ರೋಗಿಗಳ ಸಂಖ್ಯೆ ಹೆಚ್ಚುತ್ತಿದ್ದು ಚಿಕ್ಕಬಳ್ಳಾಪುರ ರಾಜ್ಯದಲ್ಲಿಯೇ ಕ್ಯಾನ್ಸರ್ ರಾಜಧಾನಿಯಾಗಿ ಮಾರ್ಪಟ್ಟಿದ್ದು ಆತಂಕ ಕಾರಿ ಬೆಳವಣಿಗೆ ಆಗಿದೆ.
- ಸಂದೀಪ್ ಬಿ ರೆಡ್ಡಿ
ಬಂದಿದ್ದರೂ ಅಲ್ಲಿ ಯಾವ ಗೊತ್ತಿಲ್ಲ, ಹೆಚ್.ಎನ್ ವ್ಯಾಲಿ ನೀರು ಸಮಸ್ಯೆಯಿಂದ ಈ ರೋಗಗಳು ಉಂಟಾಗುತ್ತಿದೆ ಎಂಬ ಅನುಮಾನ ಮೂಡುತ್ತಿದೆ ಎಂದರು. ಜನರ ಆರೋಗ್ಯದ ಬಗ್ಗೆ ಕಾಳಜಿ ವಹಿಸಬೇಕಾದ ಶಾಸಕರು ಈ ಬಗ್ಗೆ ಮೌನ ವಹಿಸಿದ್ದಾರೆ. ಸರ್ಕಾರ ಹೆಚ್.ಎನ್ ವ್ಯಾಲಿ ನೀರನ್ನು ಮೂರನೇ ಹಂತದ ಶುದ್ಧೀಕರಣ ಮಾಡಿ ಕೆರೆಗಳಿಗೆ ಹರಿಸಬೇಕು ಎಂದು ಒತ್ತಾಯಿಸಿದರು. ಜಿಲ್ಲೆಯಲ್ಲಿ ಬೇರೆ ತರಕಾರಿಗಳು ಬೆಳೆಯಲಾಗುತ್ತಿದ್ದು ಬೆಂಗಳೂರಿಗೆ ಸರಬರಾಜು ಮಾಡಲಾಗುತ್ತಿದೆ.
ಸುಸ್ಥಿರವಾಗಿ ಹೆಚ್ಚಾಗುತ್ತಿರುವುದು ಜನರಲ್ಲಿ ಆತಂಕ ಉಂಟುಮಾಡಿದೆ. ನಮ್ಮ ಕಲೆಹಾಕಿದ ಮಾಹಿತಿಯ ಪ್ರಕಾರ ಜಿಲ್ಲೆಯಲ್ಲಿ ಕ್ಯಾನ್ಸರ್ ರೋಗಿಗಳ ಸಂಖ್ಯೆ ಹೆಚ್ಚಾಗುತ್ತಿರುವುದು ಕಂಡುಬಂದಿದೆ. ಇದರಿಂದ ಕ್ಯಾನ್ಸರ್, ಬ್ಲಡ್ ಶುಗರ್, ಕಿಡ್ನಿ ಸಂಬಂಧಿತ ಕಾಯಿಲೆಗಳು ಹೆಚ್ಚಾಗುತ್ತಿರುವುದು ಆತಂಕಕಾರಿ. ಈ ನೀರನ್ನು ಸರಿಯಾಗಿ ಶುದ್ಧೀಕರಿಸದೆ ಕೆರೆಗಳಿಗೆ ಹರಿಸಲಾಗುತ್ತಿದೆ ಎಂದು ಆರೋಪಿಸಿದರು. ಸರ್ಕಾರ ಈ ಕೂಡಲೇ ಎಚ್ಚೆತ್ತುಕೊಳ್ಳಬೇಕು ಎಂದರು.
ನಡೆಸಲಾಗುತ್ತಿದೆ. ಆಗಲೂ ಕ್ರಮ ಕೈಗೊಳ್ಳದಿದ್ದಲ್ಲಿ ಕ್ಷೇತ್ರ ಮಟ್ಟದಲ್ಲಿ ಎತ್ತಿನಗಾಡಿಯೊಂದಿಗೆ ಬೆಂಗಳೂರು ಚಲೋ ಕಾರ್ಯಕ್ರಮ ಹಮ್ಮಿಕೊಳ್ಳಲಾಗುವುದು. ದೊಡ್ಡಬಳ್ಳಾಪುರ ಹಾಗೂ ನೆಲಮಂಗಲ ಕ್ಷೇತ್ರಗಳ ಶಾಸಕರು ಸಹ ಈ ಬಗ್ಗೆ ಸದನದಲ್ಲಿ ಧ್ವನಿ ಎತ್ತಬೇಕು ಎಂದರು. ಸುದ್ದಿಗೋಷ್ಠಿಯಲ್ಲಿ ಟ್ರಸ್ಟ್ ನ ಪದಾಧಿಕಾರಿಗಳು ಹಾಗೂ ಸ್ಥಳೀಯ ಮುಖಂಡರು ಉಪಸ್ಥಿತರಿದ್ದರು.
ಜೆಲ್ಲೆಯಲ್ಲಿ ಬೆಳೆದ ತರಕಾರಿಗಳು ಬೆಂಗಳೂರು ಮಾರುಕಟ್ಟೆಗೆ ಹೋಗುತ್ತವೆ. ಇದರಿಂದ ಅಲ್ಲಿನ ಜನರ ಆರೋಗ್ಯದ ಮೇಲೂ ಪರಿಣಾಮ ಬೀರುತ್ತದೆ ಎಂದು ಹೇಳಿದರು.
ಚಿಕ್ಕಬಳ್ಳಾಪುರಕ್ಕೆ ಮೂರನೇ ಹಂತದ ಶುದ್ಧೀಕರಣ ಘಟಕ ಸ್ಥಾಪನೆ ಮಾಡದಿದ್ದರೆ ಸರ್ಕಾರದ ಆಗಿಂದಿತ್ತು ಮಾಡುವ ಈ ಭಾಗದ ಜನರಿಗೆ ತೊಂದರೆ ಆಗಿದೆ. ಈ ಬಗ್ಗೆ ಮೇಲೆ ಮಾಡಿದ ಸಮಸ್ಯೆ ಬಿರುದ್ದವು ನಾವು ಎತ್ತಿನ ಗಾಡಿ ನಮ್ಮಲ್ಲಿ ಸರಿ ಮಾಡಿದ್ದೇವೆ.
ನಿಧನ
ವಿಜಯಪುರ.ಮಾ.3: ಪಟ್ಟಣದ ಶ್ರೀ ಚನ್ನಕೇಶವ ಸ್ವಾಮಿ ದೇವಾಲಯ ರಸ್ತೆಯಲ್ಲಿ ವಾಸಿಸುತ್ತಿದ್ದ ಕೇಬಲ್ ಆಪರೇಟರ್ ಬಿ.ಸುರೇಶ್ ಕುಮಾರ್ ರವರ ತಾಯಿಯವರಾದ ಪ್ರಸನ್ನಮ್ಮ (95) ವಯೋಸಹಜ ವಾಗಿ ಸೋಮವಾರದಂದು ಬೆಳಗ್ಗೆ ನಿಧನರಾಗಿದ್ದು ಅವರ ಅಂತ್ಯಸಂಸ್ಕಾರವು ಪಟ್ಟಣದ ಚಿತಾಗಾರ ದಲ್ಲಿ ಕುಟುಂಬಸ್ಥರು, ಸ್ನೇಹಿತರು, ಅವರ ಬಂಧುಬಳಗ ನೇರವೇರಿಸಲಾಯಿತು. ಮೃತರು ನಾಲ್ವರು ಪುತ್ರರು ಹಾಗೂ ಓರ್ವ ಪುತ್ರಿಯರನ್ನು ಅಗಲಿರುವರು.
